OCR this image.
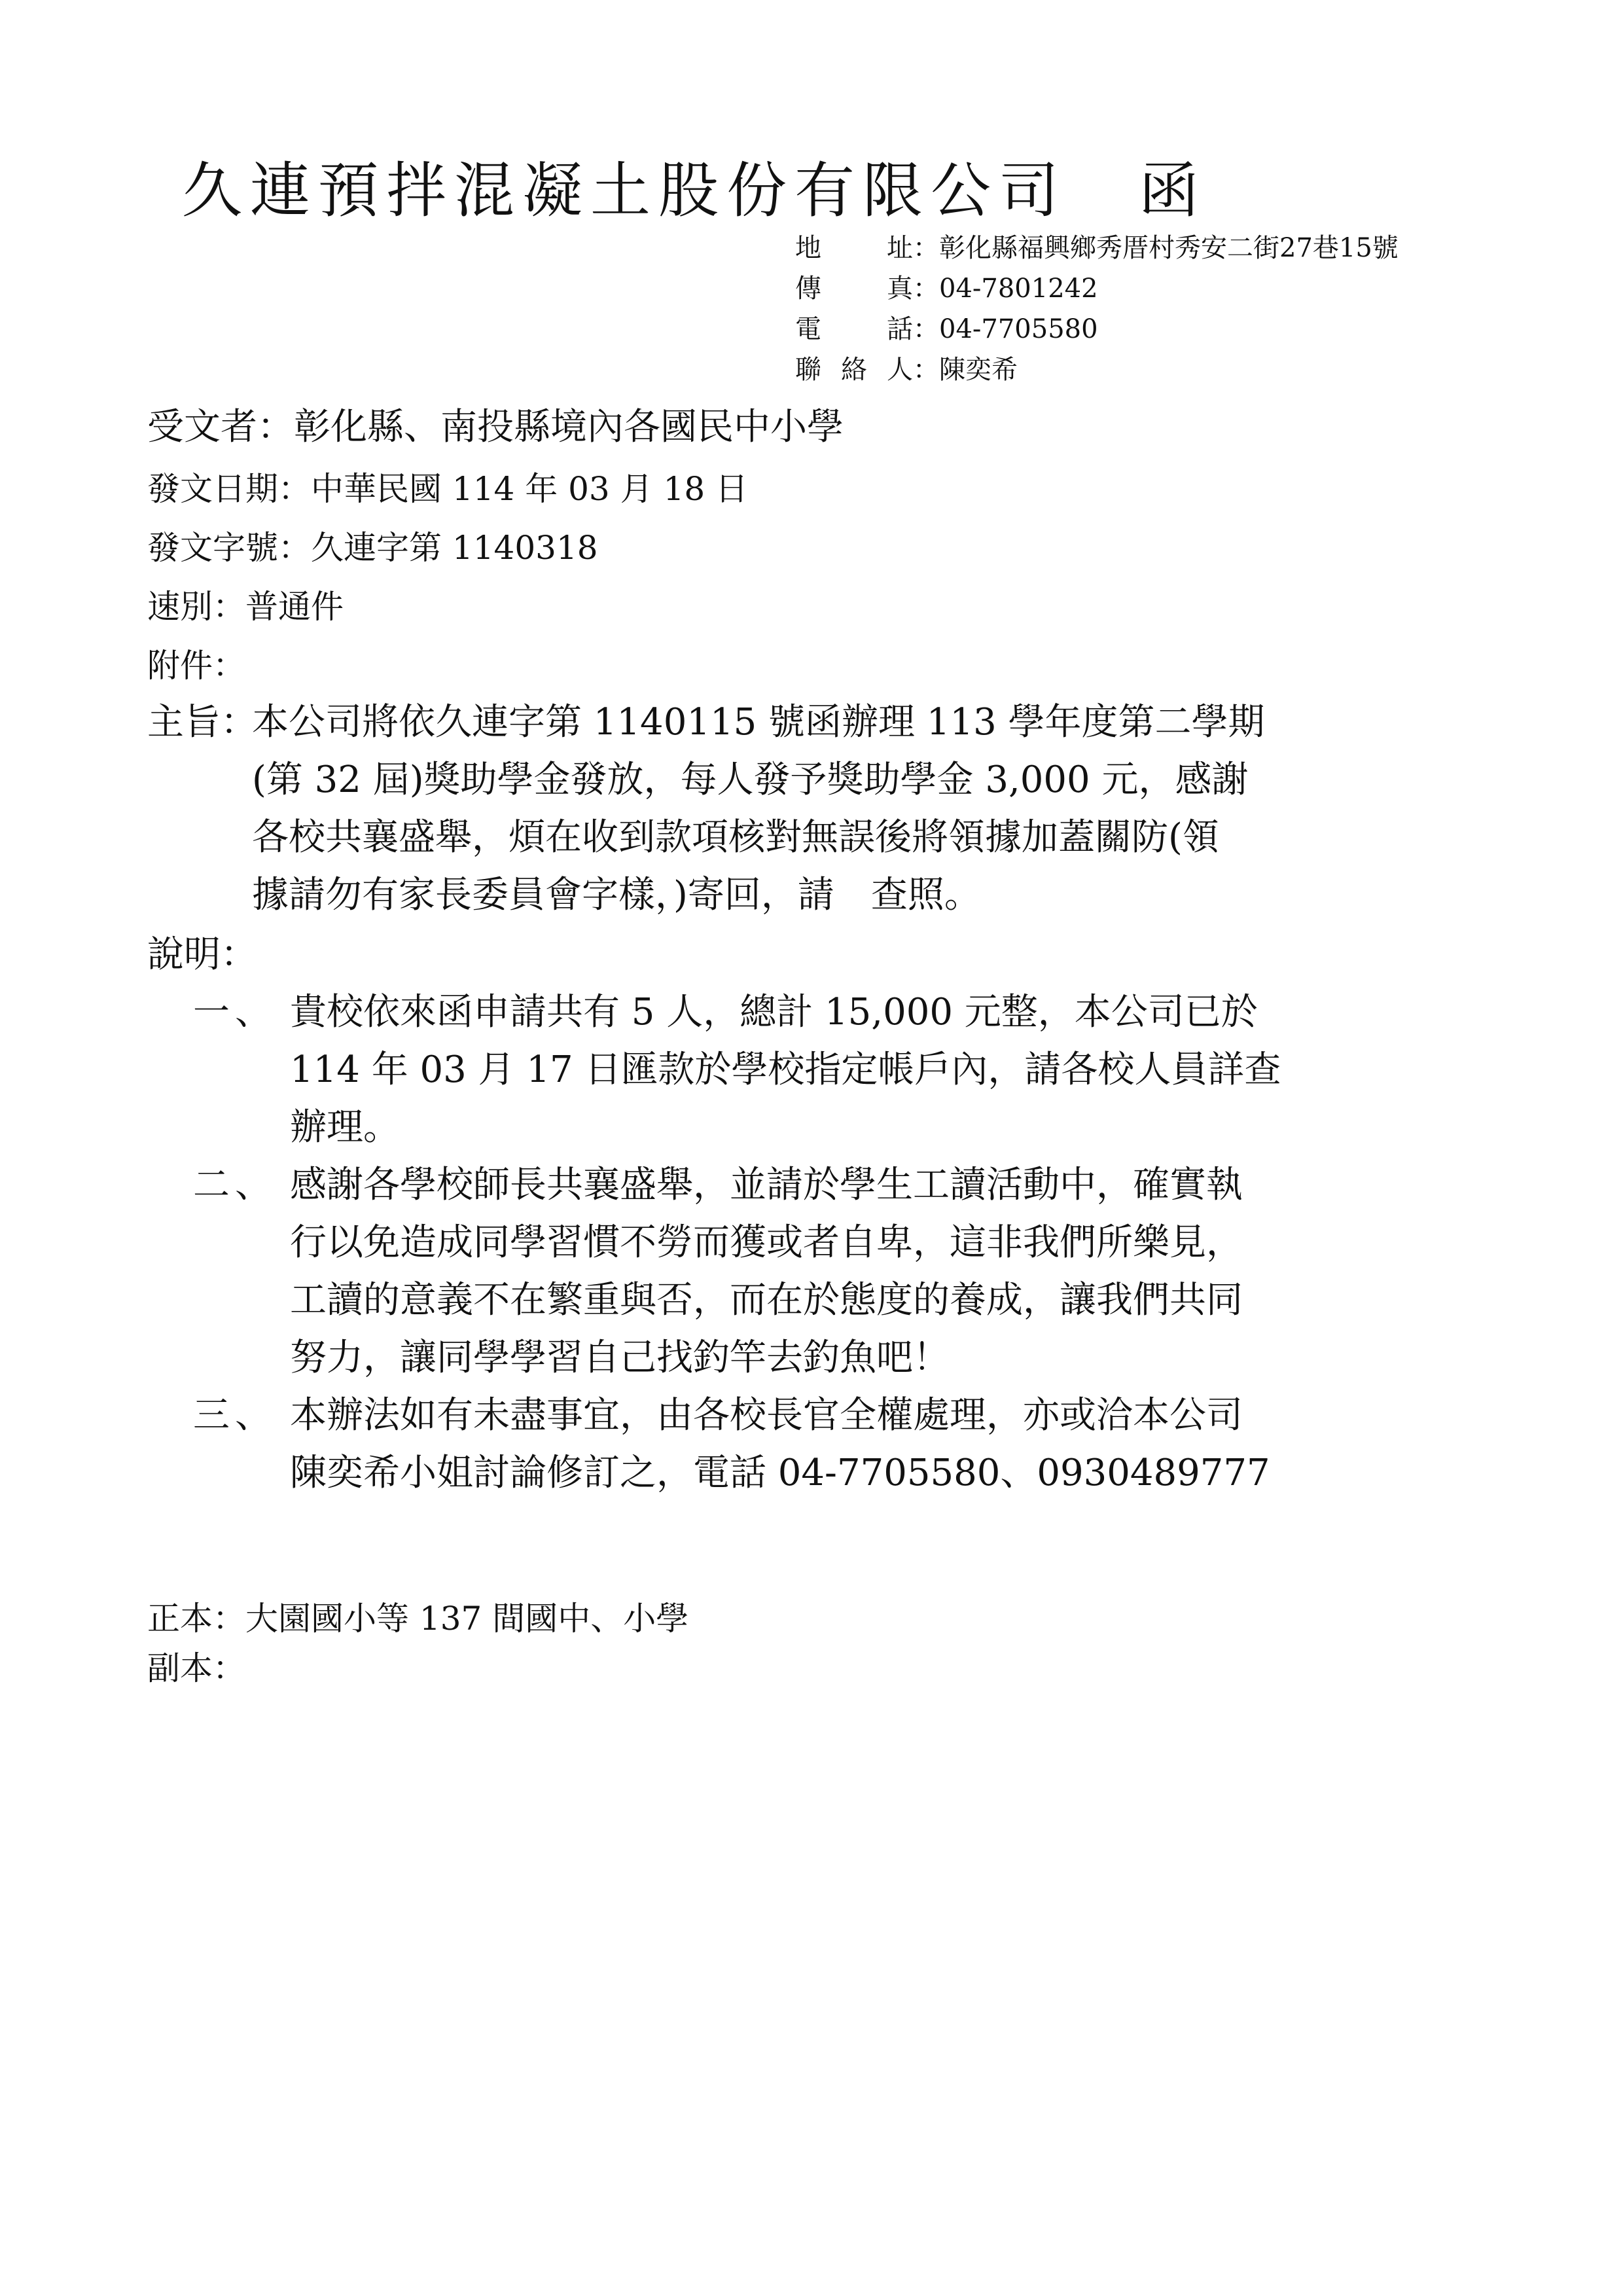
久連預拌混凝土股份有限公司 函
地址 ：彰化縣福興鄉秀厝村秀安二街27巷15號
傳真 ：04-7801242
電話 ：04-7705580
聯絡人 ：陳奕希
受文者：彰化縣、南投縣境內各國民中小學
發文日期：中華民國 114 年 03 月 18 日
發文字號：久連字第 1140318
速別：普通件
附件：
主旨：
本公司將依久連字第 1140115 號函辦理 113 學年度第二學期
(第 32 屆)獎助學金發放，每人發予獎助學金 3,000 元，感謝
各校共襄盛舉，煩在收到款項核對無誤後將領據加蓋關防(領
據請勿有家長委員會字樣，)寄回，請　查照。
說明：
一、 貴校依來函申請共有 5 人，總計 15,000 元整，本公司已於
114 年 03 月 17 日匯款於學校指定帳戶內，請各校人員詳查
辦理。
二、 感謝各學校師長共襄盛舉，並請於學生工讀活動中，確實執
行以免造成同學習慣不勞而獲或者自卑，這非我們所樂見，
工讀的意義不在繁重與否，而在於態度的養成，讓我們共同
努力，讓同學學習自己找釣竿去釣魚吧！
三、 本辦法如有未盡事宜，由各校長官全權處理，亦或洽本公司
陳奕希小姐討論修訂之，電話 04-7705580、0930489777
正本：大園國小等 137 間國中、小學
副本：
